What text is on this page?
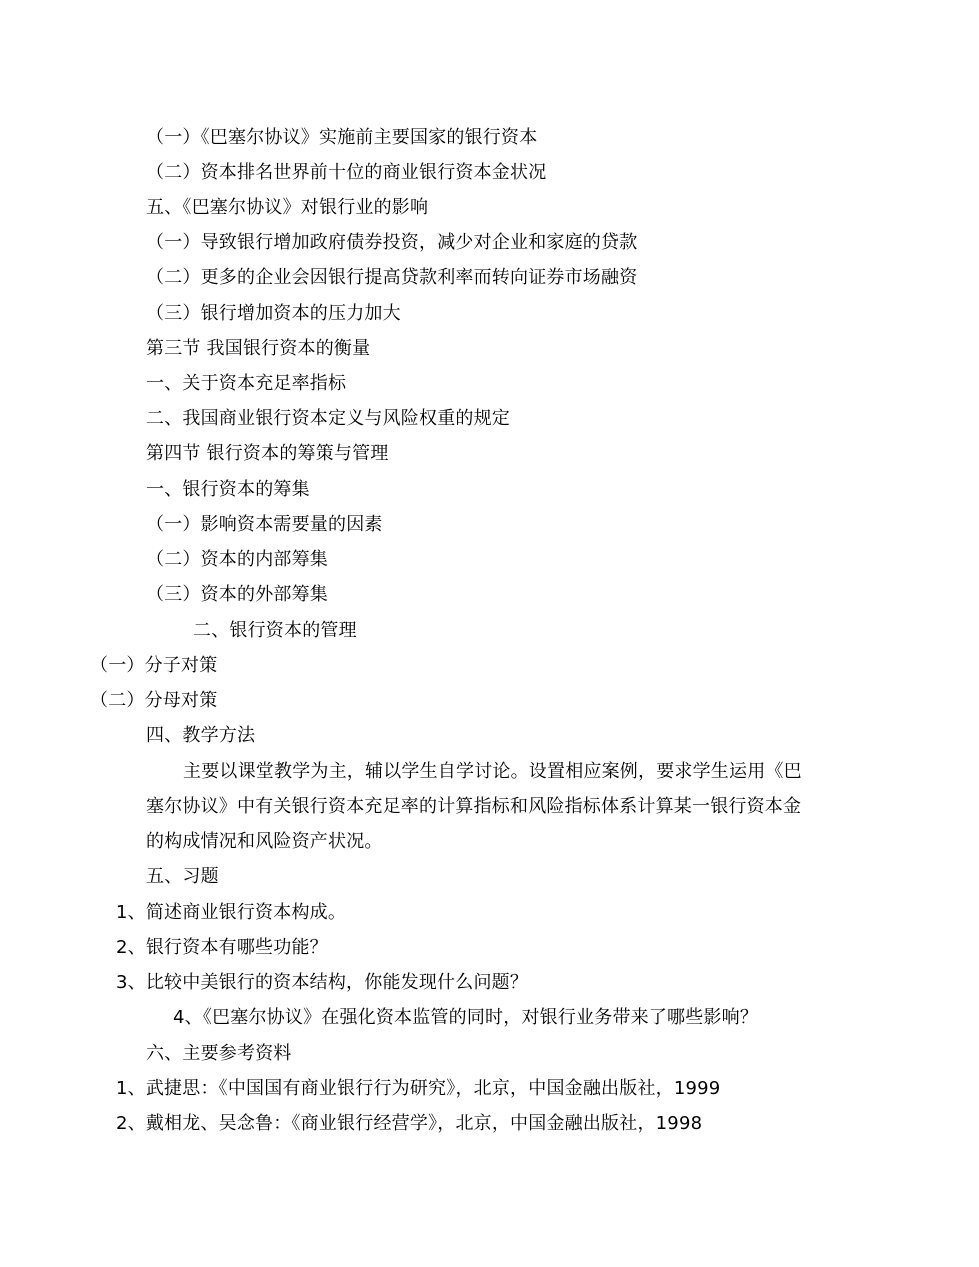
（一）《巴塞尔协议》实施前主要国家的银行资本
（二）资本排名世界前十位的商业银行资本金状况
五、《巴塞尔协议》对银行业的影响
（一）导致银行增加政府债券投资，减少对企业和家庭的贷款
（二）更多的企业会因银行提高贷款利率而转向证券市场融资
（三）银行增加资本的压力加大
第三节 我国银行资本的衡量
一、关于资本充足率指标
二、我国商业银行资本定义与风险权重的规定
第四节 银行资本的筹策与管理
一、银行资本的筹集
（一）影响资本需要量的因素
（二）资本的内部筹集
（三）资本的外部筹集
二、银行资本的管理
（一）分子对策
（二）分母对策
四、教学方法
主要以课堂教学为主，辅以学生自学讨论。设置相应案例，要求学生运用《巴
塞尔协议》中有关银行资本充足率的计算指标和风险指标体系计算某一银行资本金
的构成情况和风险资产状况。
五、习题
1、简述商业银行资本构成。
2、银行资本有哪些功能？
3、比较中美银行的资本结构，你能发现什么问题？
4、《巴塞尔协议》在强化资本监管的同时，对银行业务带来了哪些影响？
六、主要参考资料
1、武捷思：《中国国有商业银行行为研究》，北京，中国金融出版社，1999
2、戴相龙、吴念鲁：《商业银行经营学》，北京，中国金融出版社，1998
